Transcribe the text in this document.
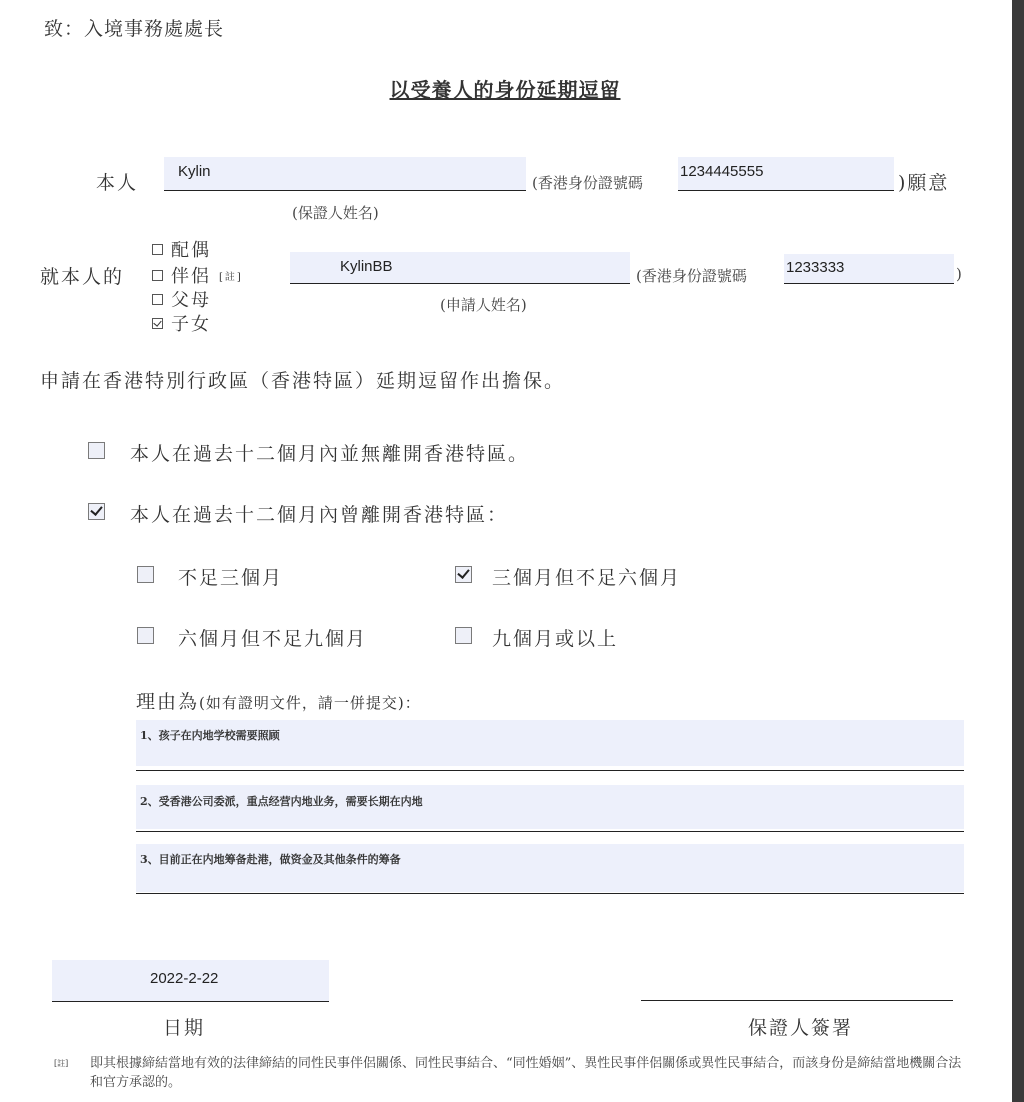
致：入境事務處處長
以受養人的身份延期逗留
本人
Kylin
(香港身份證號碼
1234445555
)願意
(保證人姓名)
就本人的
配偶
伴侶 [註]
父母
子女
KylinBB
(香港身份證號碼	1233333	)
(申請人姓名)
申請在香港特別行政區（香港特區）延期逗留作出擔保。
本人在過去十二個月內並無離開香港特區。
本人在過去十二個月內曾離開香港特區：
不足三個月	三個月但不足六個月
六個月但不足九個月	九個月或以上
理由為(如有證明文件，請一併提交)：
1、孩子在内地学校需要照顾
2、受香港公司委派，重点经营内地业务，需要长期在内地
3、目前正在内地筹备赴港，做资金及其他条件的筹备
2022-2-22
日期	保證人簽署
[註] 即其根據締結當地有效的法律締結的同性民事伴侶關係、同性民事結合、“同性婚姻”、異性民事伴侶關係或異性民事結合，而該身份是締結當地機關合法和官方承認的。
